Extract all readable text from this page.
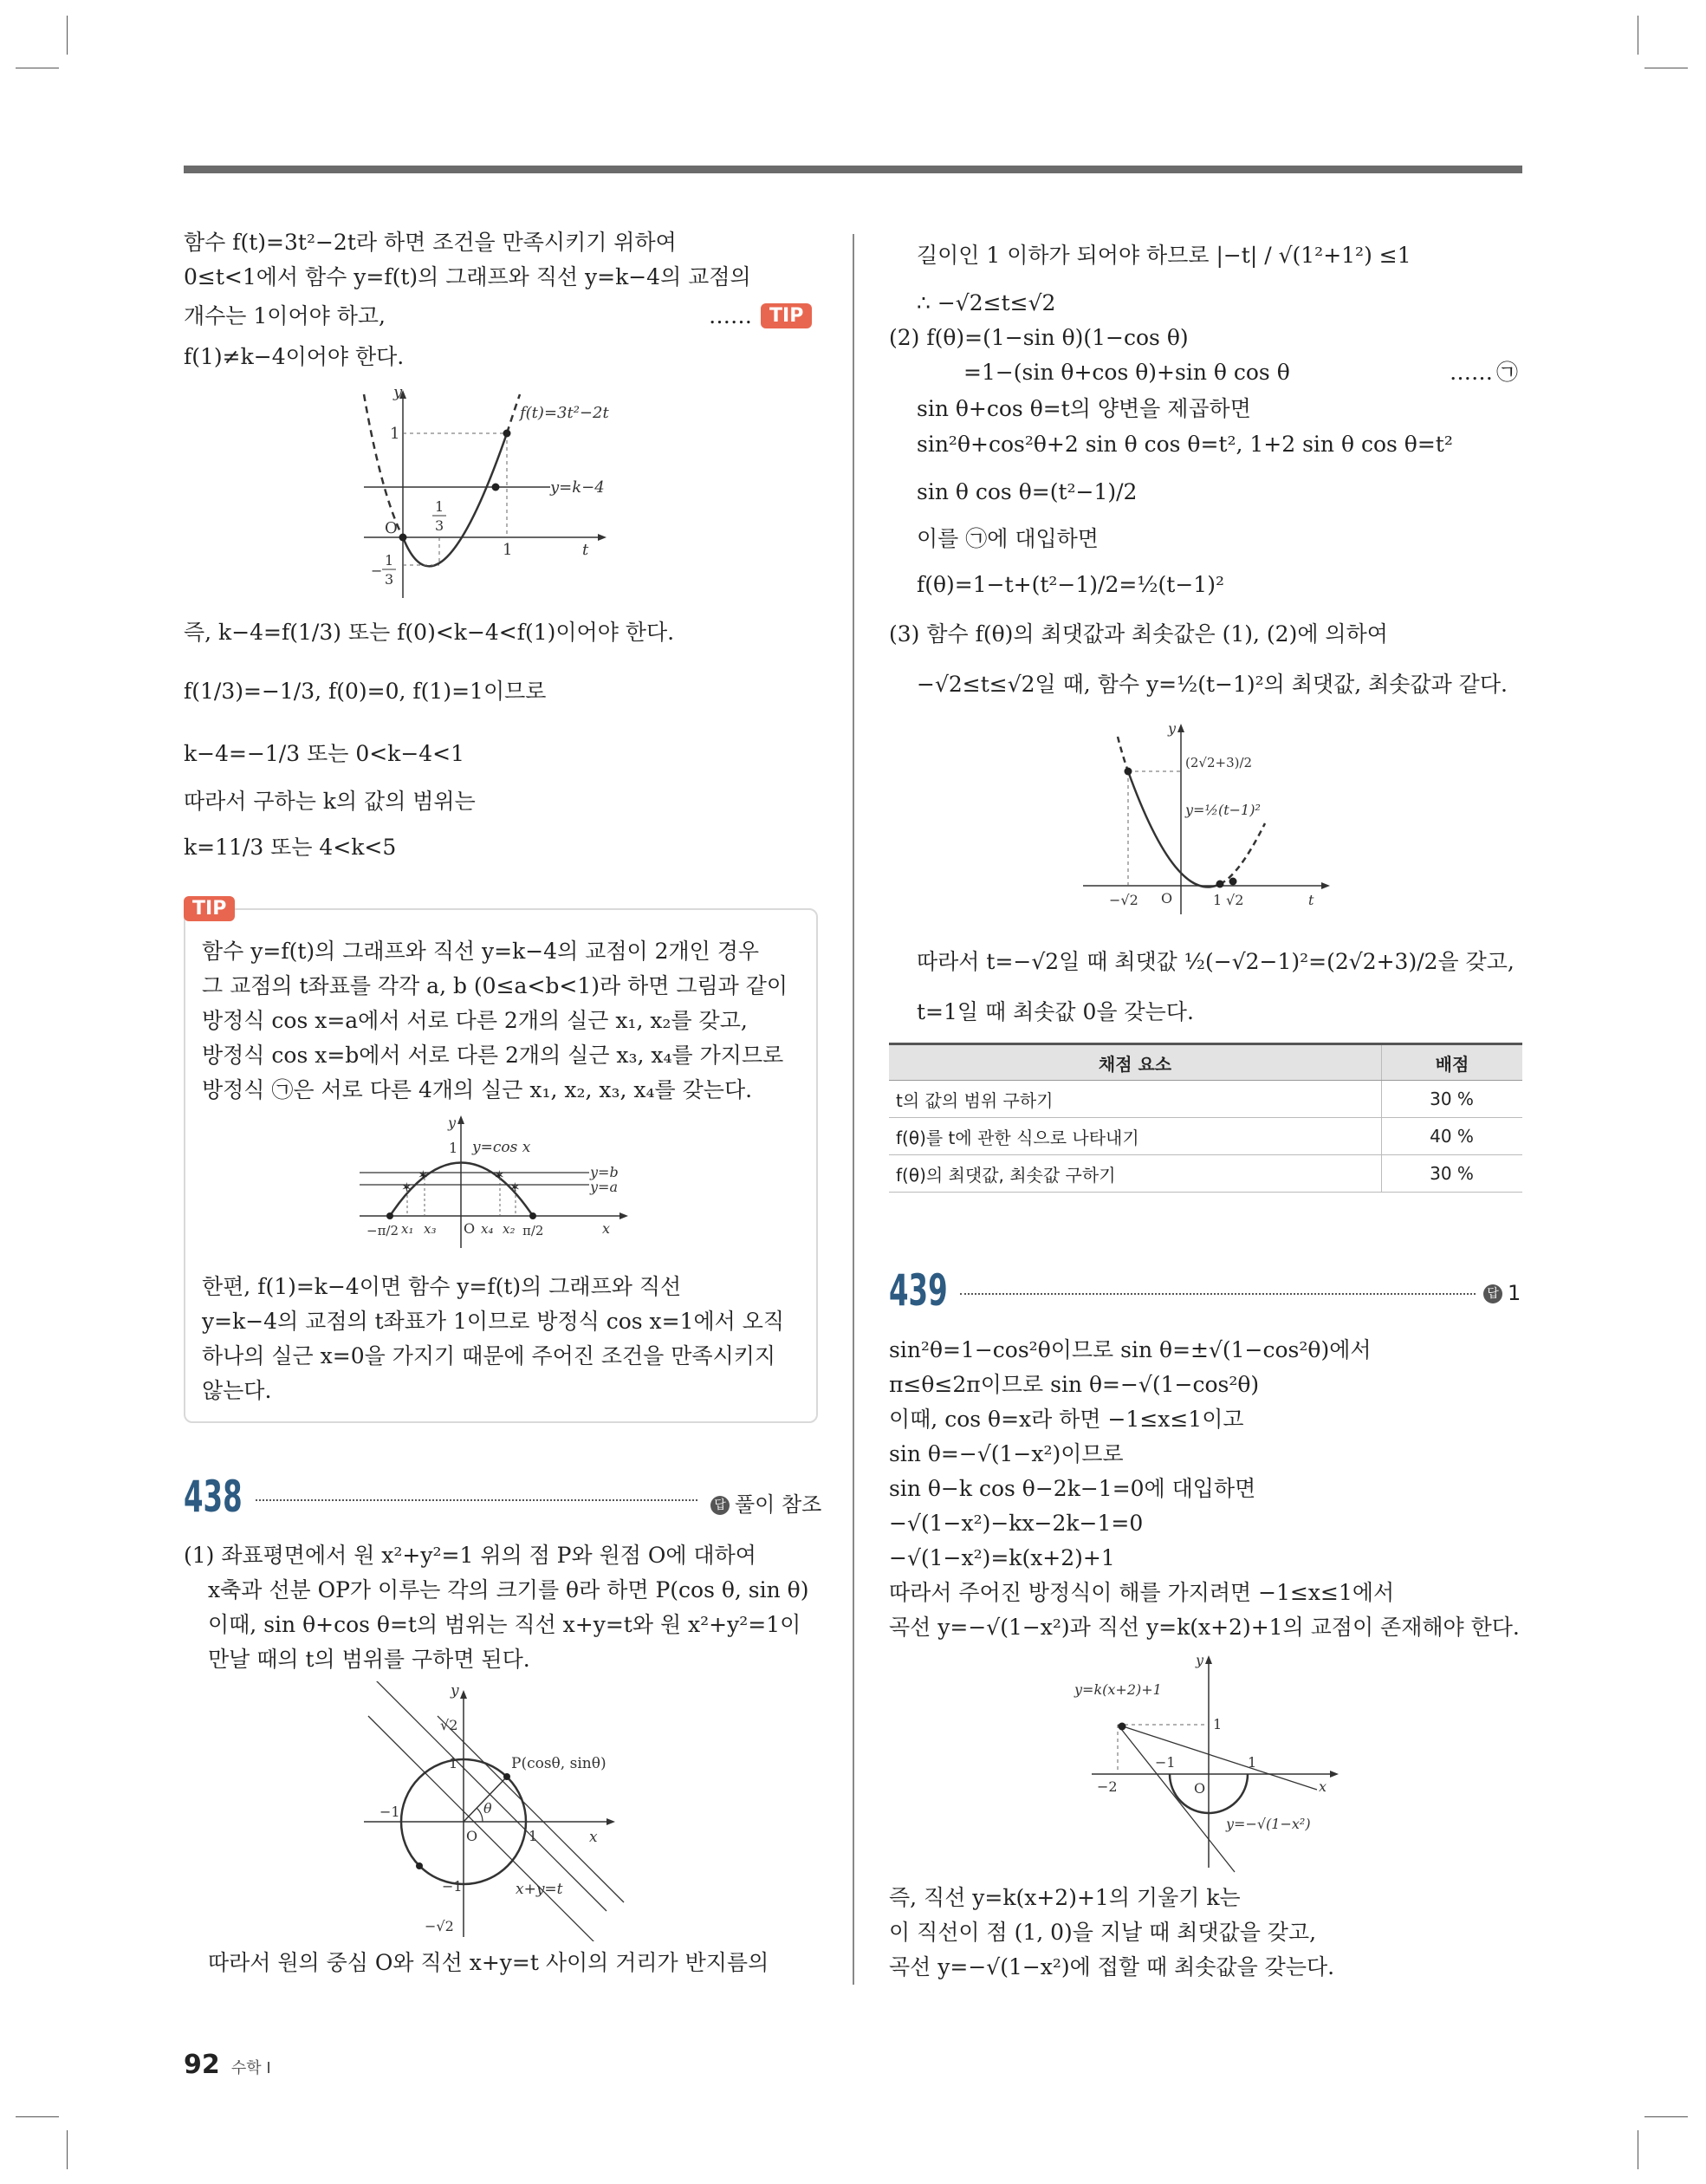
함수 f(t)=3t²−2t라 하면 조건을 만족시키기 위하여
0≤t<1에서 함수 y=f(t)의 그래프와 직선 y=k−4의 교점의
개수는 1이어야 하고,	…… TIP
f(1)≠k−4이어야 한다.
y
t
1
O
1
1
3
−
1
3
f(t)=3t²−2t
y=k−4
즉, k−4=f(1/3) 또는 f(0)<k−4<f(1)이어야 한다.
f(1/3)=−1/3, f(0)=0, f(1)=1이므로
k−4=−1/3 또는 0<k−4<1
따라서 구하는 k의 값의 범위는
k=11/3 또는 4<k<5
TIP
함수 y=f(t)의 그래프와 직선 y=k−4의 교점이 2개인 경우
그 교점의 t좌표를 각각 a, b (0≤a<b<1)라 하면 그림과 같이
방정식 cos x=a에서 서로 다른 2개의 실근 x₁, x₂를 갖고,
방정식 cos x=b에서 서로 다른 2개의 실근 x₃, x₄를 가지므로
방정식 ㉠은 서로 다른 4개의 실근 x₁, x₂, x₃, x₄를 갖는다.
✶
✶	✶
✶
y
1 y=cos x
y=b
y=a
x
O
−π/2	π/2
x₁ x₃	x₄ x₂
한편, f(1)=k−4이면 함수 y=f(t)의 그래프와 직선
y=k−4의 교점의 t좌표가 1이므로 방정식 cos x=1에서 오직
하나의 실근 x=0을 가지기 때문에 주어진 조건을 만족시키지
않는다.
438	답 풀이 참조
(1) 좌표평면에서 원 x²+y²=1 위의 점 P와 원점 O에 대하여
x축과 선분 OP가 이루는 각의 크기를 θ라 하면 P(cos θ, sin θ)
이때, sin θ+cos θ=t의 범위는 직선 x+y=t와 원 x²+y²=1이
만날 때의 t의 범위를 구하면 된다.
y
x
√2
1
−1
O	1
−1
−√2
θ
P(cosθ, sinθ)
x+y=t
따라서 원의 중심 O와 직선 x+y=t 사이의 거리가 반지름의
길이인 1 이하가 되어야 하므로 |−t| / √(1²+1²) ≤1
∴ −√2≤t≤√2
(2) f(θ)=(1−sin θ)(1−cos θ)
=1−(sin θ+cos θ)+sin θ cos θ	…… ㉠
sin θ+cos θ=t의 양변을 제곱하면
sin²θ+cos²θ+2 sin θ cos θ=t², 1+2 sin θ cos θ=t²
sin θ cos θ=(t²−1)/2
이를 ㉠에 대입하면
f(θ)=1−t+(t²−1)/2=½(t−1)²
(3) 함수 f(θ)의 최댓값과 최솟값은 (1), (2)에 의하여
−√2≤t≤√2일 때, 함수 y=½(t−1)²의 최댓값, 최솟값과 같다.
y
t
(2√2+3)/2
y=½(t−1)²
−√2 O	1 √2
따라서 t=−√2일 때 최댓값 ½(−√2−1)²=(2√2+3)/2을 갖고,
t=1일 때 최솟값 0을 갖는다.
채점 요소	배점
t의 값의 범위 구하기	30 %
f(θ)를 t에 관한 식으로 나타내기	40 %
f(θ)의 최댓값, 최솟값 구하기	30 %
439	답 1
sin²θ=1−cos²θ이므로 sin θ=±√(1−cos²θ)에서
π≤θ≤2π이므로 sin θ=−√(1−cos²θ)
이때, cos θ=x라 하면 −1≤x≤1이고
sin θ=−√(1−x²)이므로
sin θ−k cos θ−2k−1=0에 대입하면
−√(1−x²)−kx−2k−1=0
−√(1−x²)=k(x+2)+1
따라서 주어진 방정식이 해를 가지려면 −1≤x≤1에서
곡선 y=−√(1−x²)과 직선 y=k(x+2)+1의 교점이 존재해야 한다.
y
x
y=k(x+2)+1
1
−2
−1
O
1
y=−√(1−x²)
즉, 직선 y=k(x+2)+1의 기울기 k는
이 직선이 점 (1, 0)을 지날 때 최댓값을 갖고,
곡선 y=−√(1−x²)에 접할 때 최솟값을 갖는다.
92 수학 I
